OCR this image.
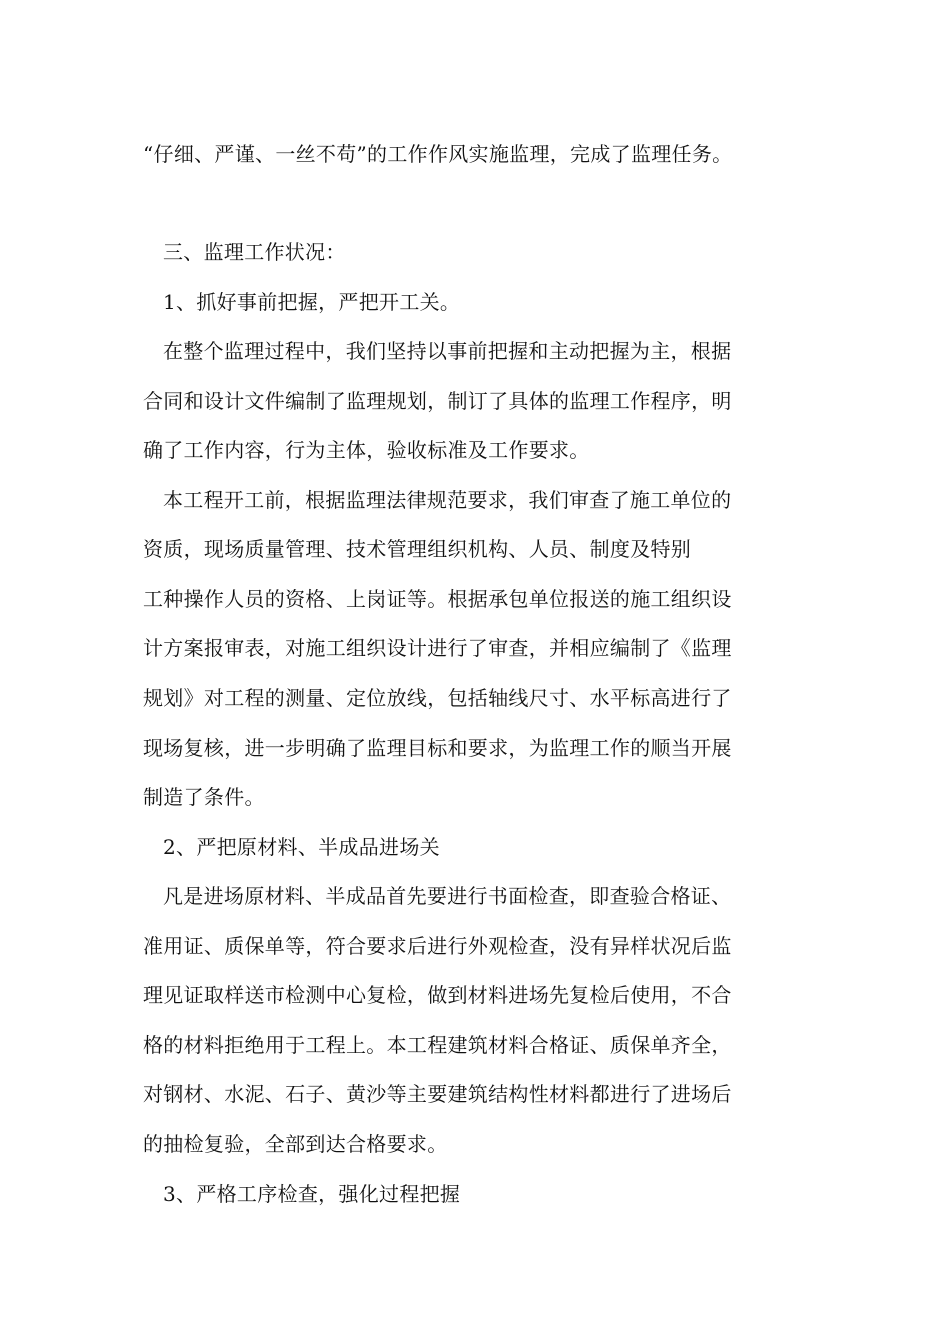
“仔细、严谨、一丝不苟”的工作作风实施监理，完成了监理任务。
三、监理工作状况：
1、抓好事前把握，严把开工关。
在整个监理过程中，我们坚持以事前把握和主动把握为主，根据
合同和设计文件编制了监理规划，制订了具体的监理工作程序，明
确了工作内容，行为主体，验收标准及工作要求。
本工程开工前，根据监理法律规范要求，我们审查了施工单位的
资质，现场质量管理、技术管理组织机构、人员、制度及特别
工种操作人员的资格、上岗证等。根据承包单位报送的施工组织设
计方案报审表，对施工组织设计进行了审查，并相应编制了《监理
规划》对工程的测量、定位放线，包括轴线尺寸、水平标高进行了
现场复核，进一步明确了监理目标和要求，为监理工作的顺当开展
制造了条件。
2、严把原材料、半成品进场关
凡是进场原材料、半成品首先要进行书面检查，即查验合格证、
准用证、质保单等，符合要求后进行外观检查，没有异样状况后监
理见证取样送市检测中心复检，做到材料进场先复检后使用，不合
格的材料拒绝用于工程上。本工程建筑材料合格证、质保单齐全，
对钢材、水泥、石子、黄沙等主要建筑结构性材料都进行了进场后
的抽检复验，全部到达合格要求。
3、严格工序检查，强化过程把握
